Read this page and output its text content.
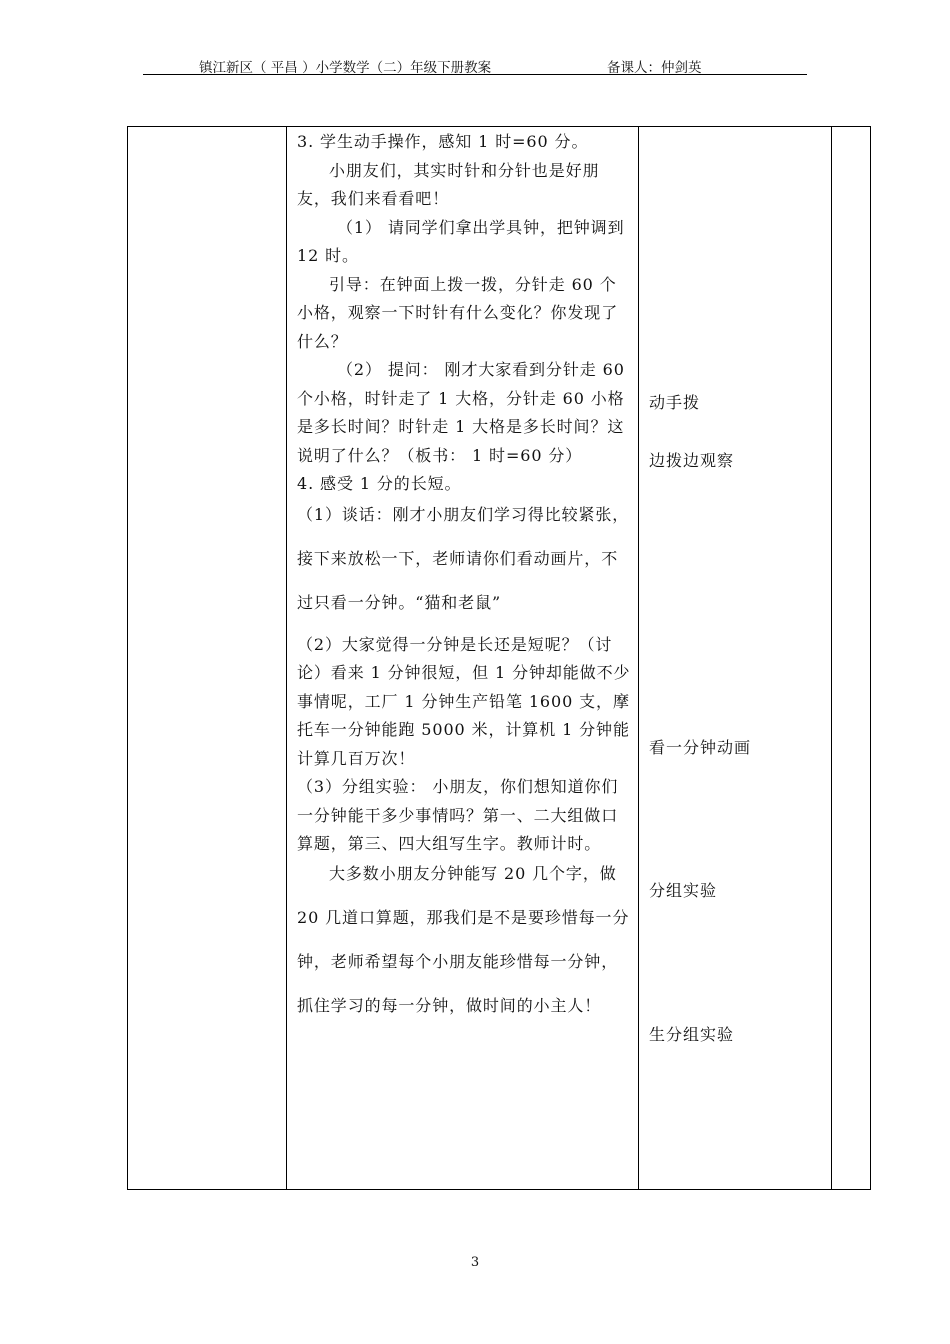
镇江新区（ 平昌 ）小学数学（二）年级下册教案	备课人：仲剑英

3. 学生动手操作，感知 1 时=60 分。

小朋友们，其实时针和分针也是好朋友，我们来看看吧！

（1） 请同学们拿出学具钟，把钟调到 12 时。

引导：在钟面上拨一拨，分针走 60 个小格，观察一下时针有什么变化？你发现了什么？

（2） 提问： 刚才大家看到分针走 60 个小格，时针走了 1 大格，分针走 60 小格是多长时间？时针走 1 大格是多长时间？这说明了什么？（板书： 1 时=60 分）

4. 感受 1 分的长短。

（1）谈话：刚才小朋友们学习得比较紧张，接下来放松一下，老师请你们看动画片，不过只看一分钟。“猫和老鼠”

（2）大家觉得一分钟是长还是短呢？（讨论）看来 1 分钟很短，但 1 分钟却能做不少事情呢，工厂 1 分钟生产铅笔 1600 支，摩托车一分钟能跑 5000 米，计算机 1 分钟能计算几百万次！

（3）分组实验： 小朋友，你们想知道你们一分钟能干多少事情吗？第一、二大组做口算题，第三、四大组写生字。教师计时。

大多数小朋友分钟能写 20 几个字，做 20 几道口算题，那我们是不是要珍惜每一分钟，老师希望每个小朋友能珍惜每一分钟，抓住学习的每一分钟，做时间的小主人！

动手拨
边拨边观察
看一分钟动画
分组实验
生分组实验
3
